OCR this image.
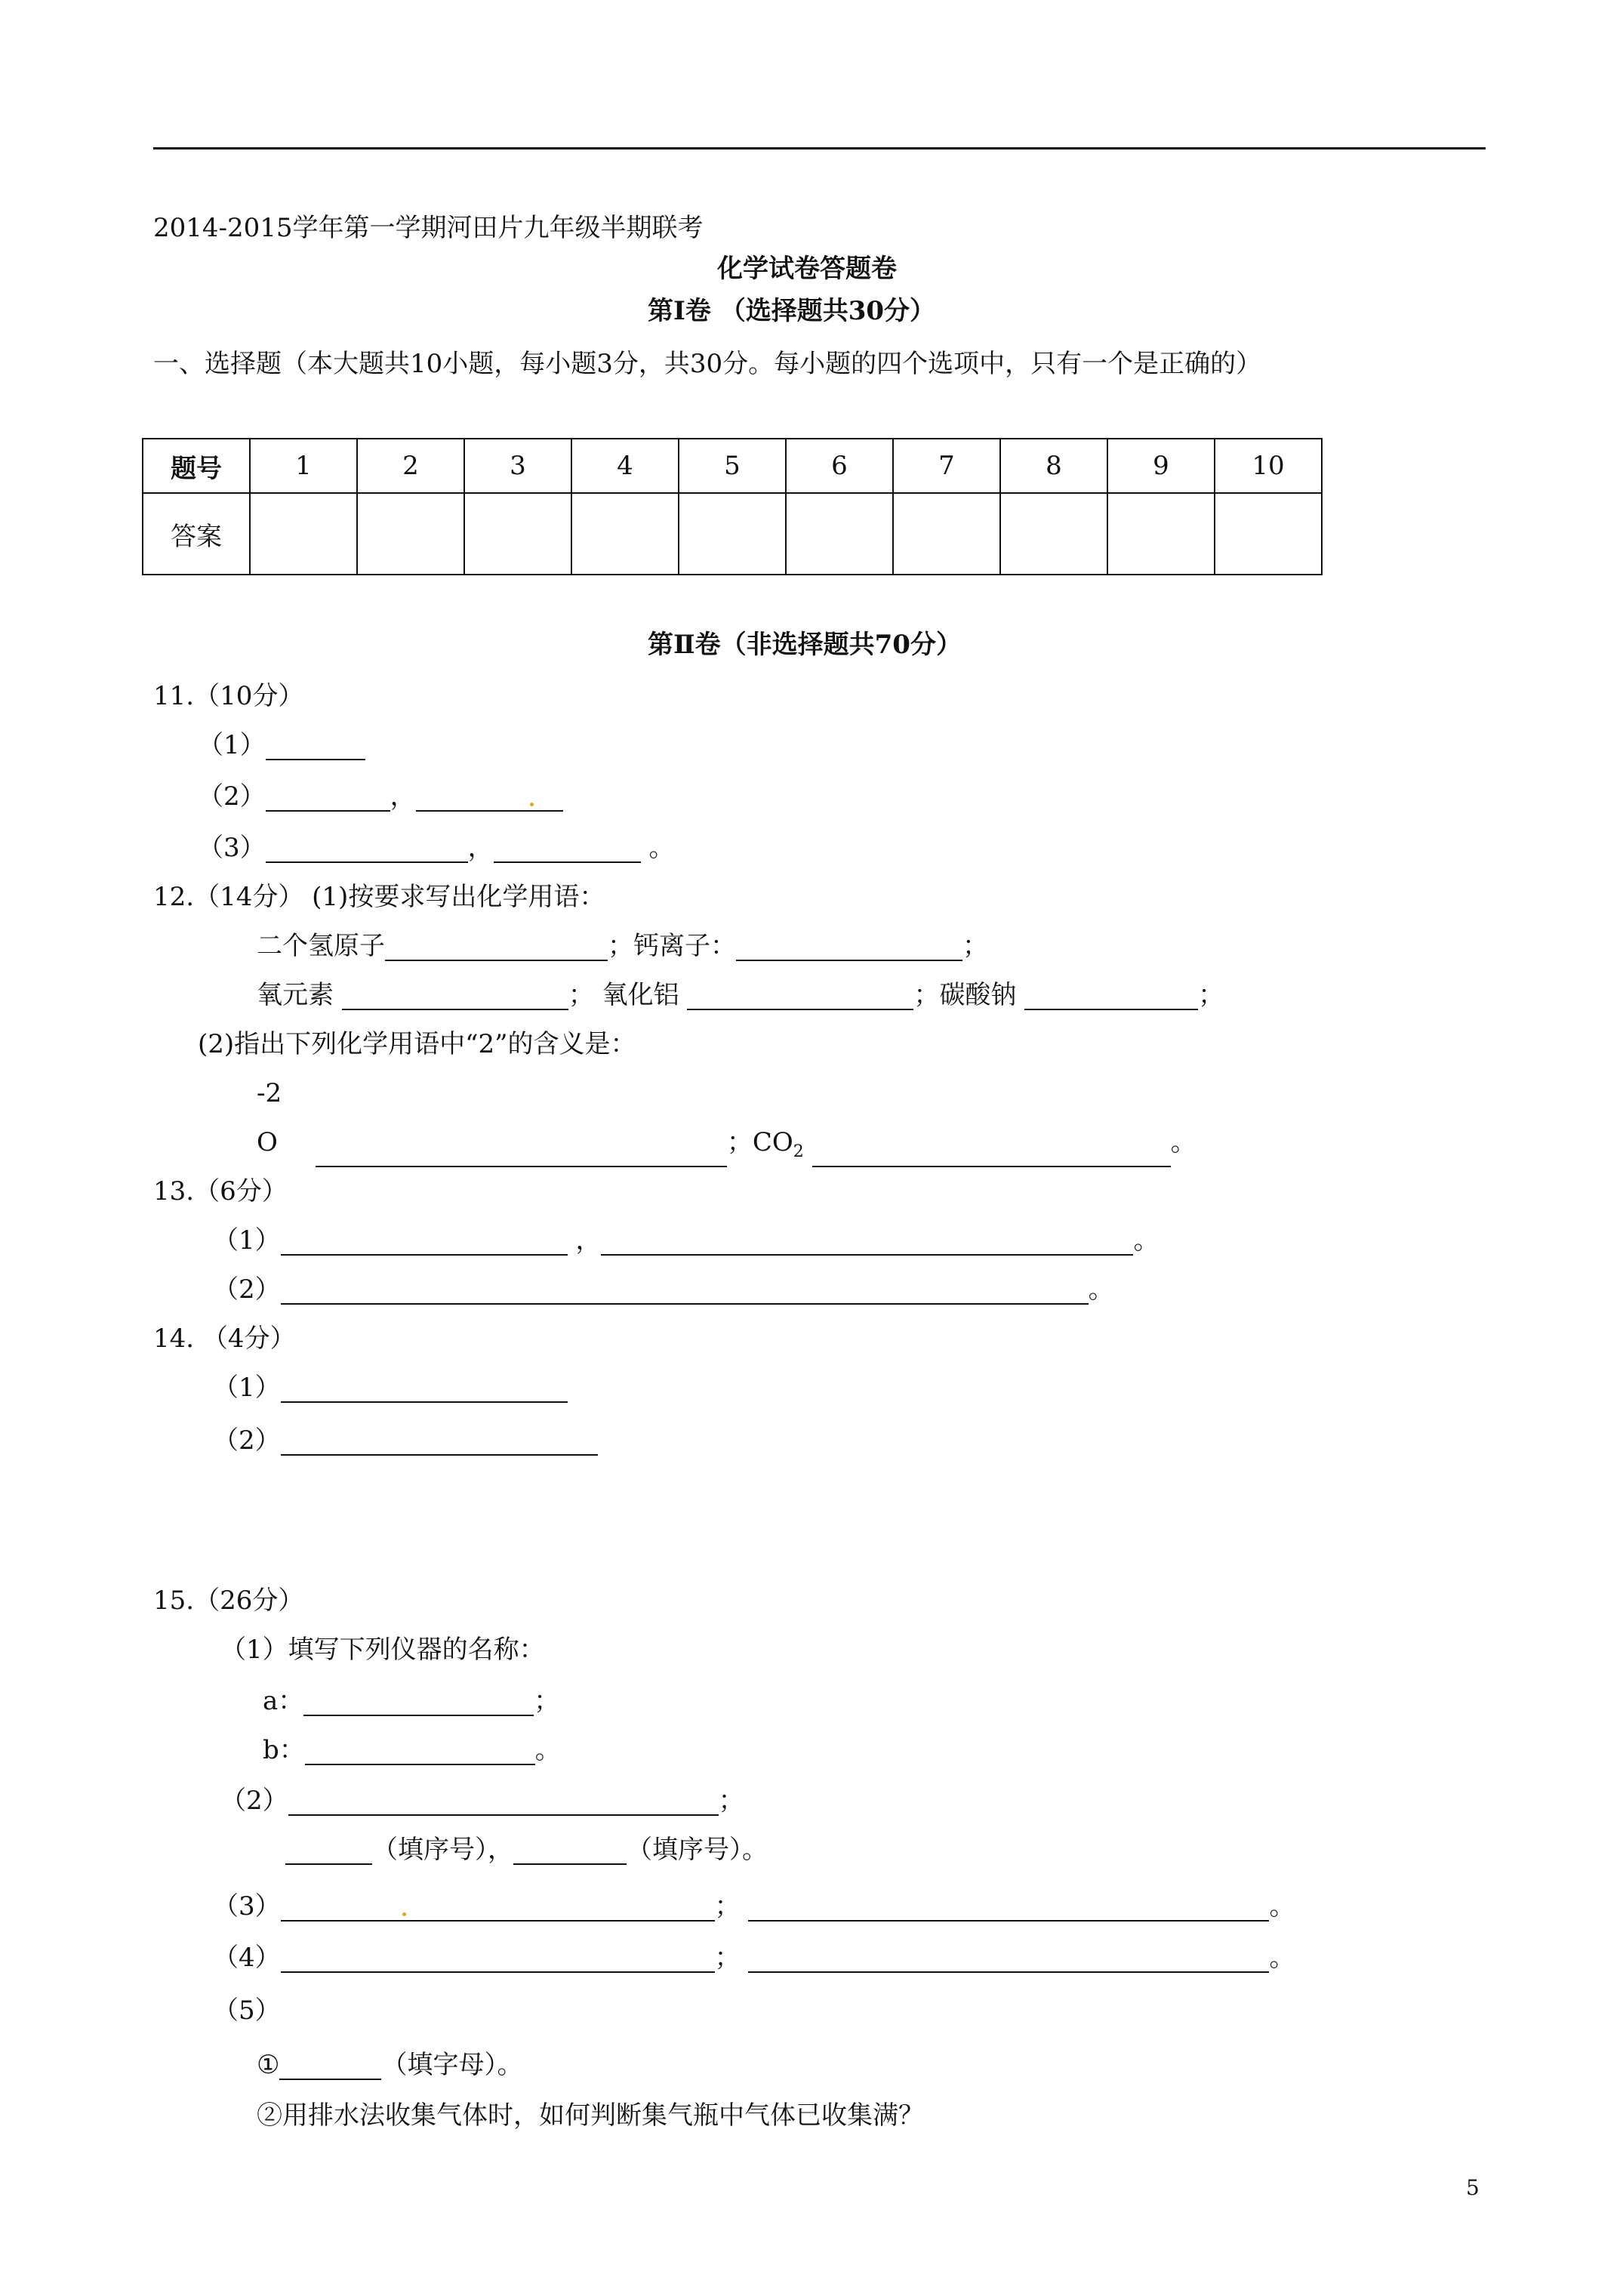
2014-2015学年第一学期河田片九年级半期联考
化学试卷答题卷
第Ⅰ卷 （选择题共30分）
一、选择题（本大题共10小题，每小题3分，共30分。每小题的四个选项中，只有一个是正确的）
题号	1	2	3	4	5	6	7	8	9	10
答案										
第Ⅱ卷（非选择题共70分）
11.（10分）
（1）
（2）	，
（3）	，	。
12.（14分） (1)按要求写出化学用语：
二个氢原子	；钙离子：	；
氧元素	； 氧化铝	；碳酸钠	；
(2)指出下列化学用语中“2”的含义是：
-2
O	；$CO_2$	。
13.（6分）
（1）	，	。
（2）	。
14. （4分）
（1）
（2）
15.（26分）
（1）填写下列仪器的名称：
a：	；
b：	。
（2）	；
（填序号），	（填序号）。
（3）	；	。
（4）	；	。
（5）
①	（填字母）。
②用排水法收集气体时，如何判断集气瓶中气体已收集满？
5
